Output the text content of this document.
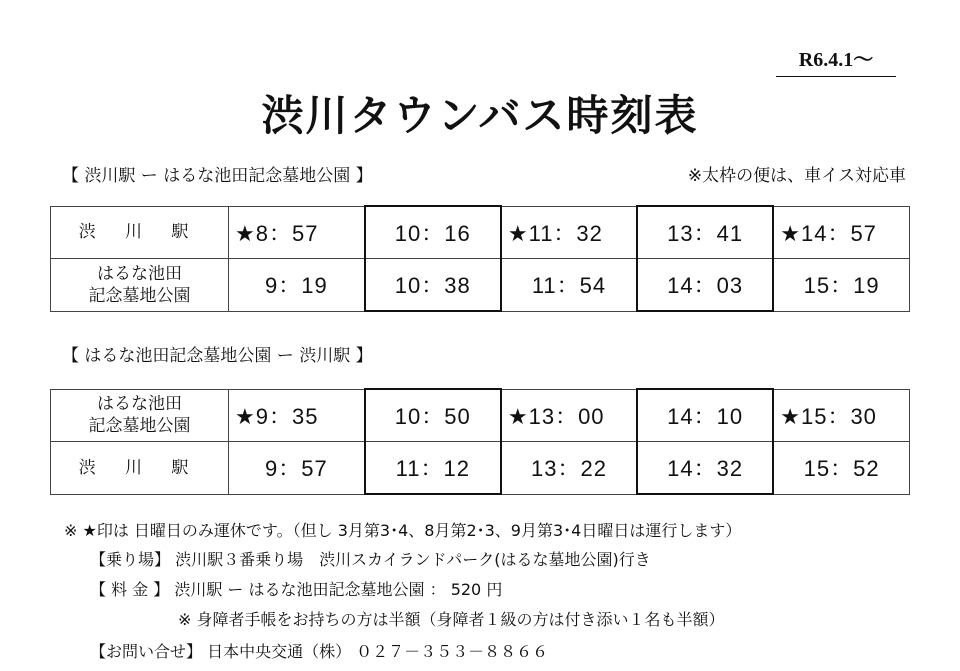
R6.4.1～
渋川タウンバス時刻表
【 渋川駅 ー はるな池田記念墓地公園 】	※太枠の便は、車イス対応車
渋 川 駅	★8：57	10：16	★11：32	13：41	★14：57
はるな池田
記念墓地公園	9：19	10：38	11：54	14：03	15：19
【 はるな池田記念墓地公園 ー 渋川駅 】
はるな池田
記念墓地公園	★9：35	10：50	★13：00	14：10	★15：30
渋 川 駅	9：57	11：12	13：22	14：32	15：52
※ ★印は 日曜日のみ運休です。（但し 3月第3･4、8月第2･3、9月第3･4日曜日は運行します）
【乗り場】 渋川駅３番乗り場　渋川スカイランドパーク(はるな墓地公園)行き
【 料 金 】 渋川駅 ー はるな池田記念墓地公園 ： 520 円
※ 身障者手帳をお持ちの方は半額（身障者１級の方は付き添い１名も半額）
【お問い合せ】 日本中央交通（株） ０２７－３５３－８８６６
